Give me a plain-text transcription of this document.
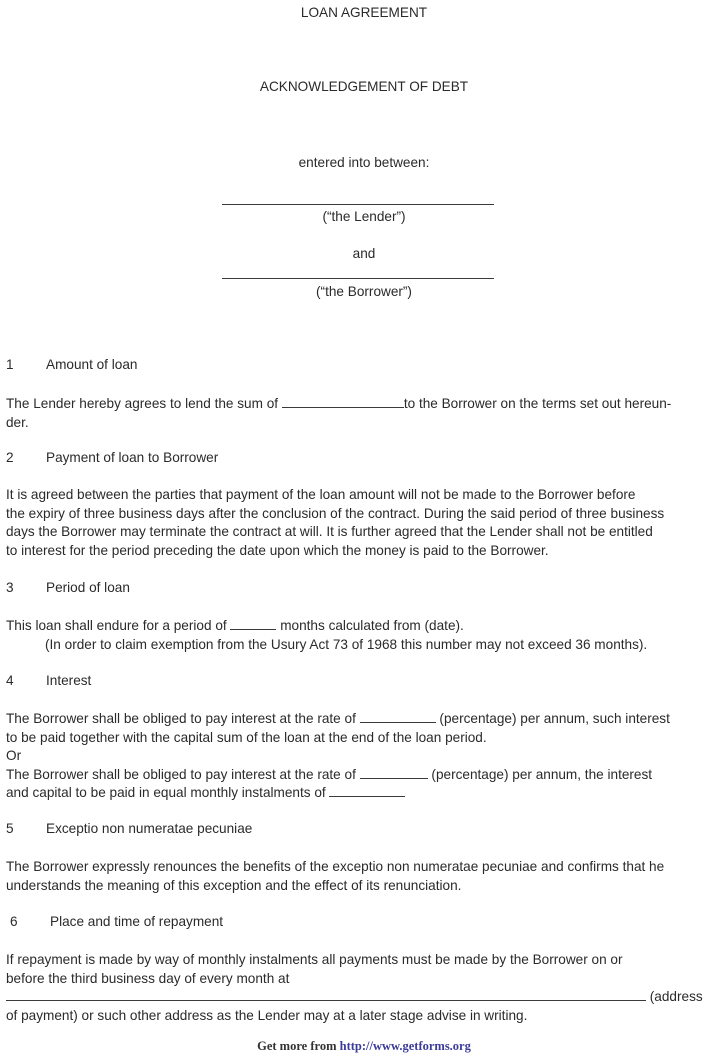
LOAN AGREEMENT
ACKNOWLEDGEMENT OF DEBT
entered into between:
(“the Lender”)
and
(“the Borrower”)
1 Amount of loan
The Lender hereby agrees to lend the sum of	to the Borrower on the terms set out hereun-
der.
2 Payment of loan to Borrower
It is agreed between the parties that payment of the loan amount will not be made to the Borrower before
the expiry of three business days after the conclusion of the contract. During the said period of three business
days the Borrower may terminate the contract at will. It is further agreed that the Lender shall not be entitled
to interest for the period preceding the date upon which the money is paid to the Borrower.
3 Period of loan
This loan shall endure for a period of	months calculated from (date).
(In order to claim exemption from the Usury Act 73 of 1968 this number may not exceed 36 months).
4 Interest
The Borrower shall be obliged to pay interest at the rate of	(percentage) per annum, such interest
to be paid together with the capital sum of the loan at the end of the loan period.
Or
The Borrower shall be obliged to pay interest at the rate of	(percentage) per annum, the interest
and capital to be paid in equal monthly instalments of
5 Exceptio non numeratae pecuniae
The Borrower expressly renounces the benefits of the exceptio non numeratae pecuniae and confirms that he
understands the meaning of this exception and the effect of its renunciation.
6 Place and time of repayment
If repayment is made by way of monthly instalments all payments must be made by the Borrower on or
before the third business day of every month at
(address
of payment) or such other address as the Lender may at a later stage advise in writing.
Get more from http://www.getforms.org
